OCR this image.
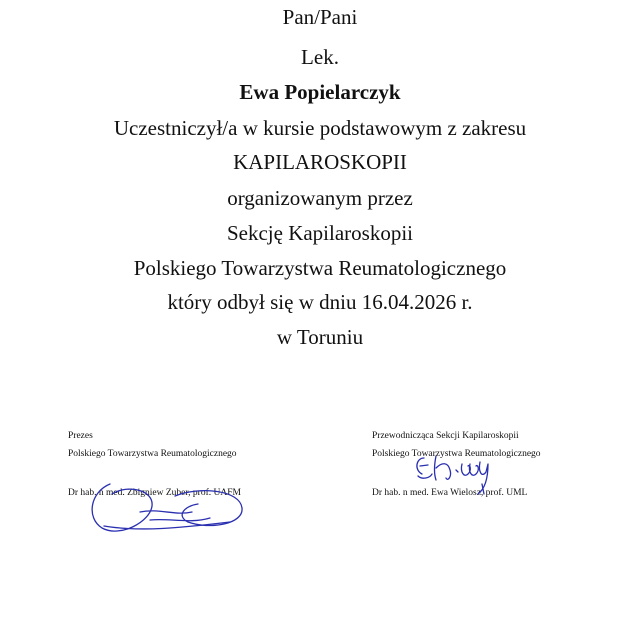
Pan/Pani
Lek.
Ewa Popielarczyk
Uczestniczył/a w kursie podstawowym z zakresu
KAPILAROSKOPII
organizowanym przez
Sekcję Kapilaroskopii
Polskiego Towarzystwa Reumatologicznego
który odbył się w dniu 16.04.2026 r.
w Toruniu
Prezes
Polskiego Towarzystwa Reumatologicznego
Dr hab. n med. Zbigniew Zuber, prof. UAFM
Przewodnicząca Sekcji Kapilaroskopii
Polskiego Towarzystwa Reumatologicznego
Dr hab. n med. Ewa Wielosz, prof. UML
